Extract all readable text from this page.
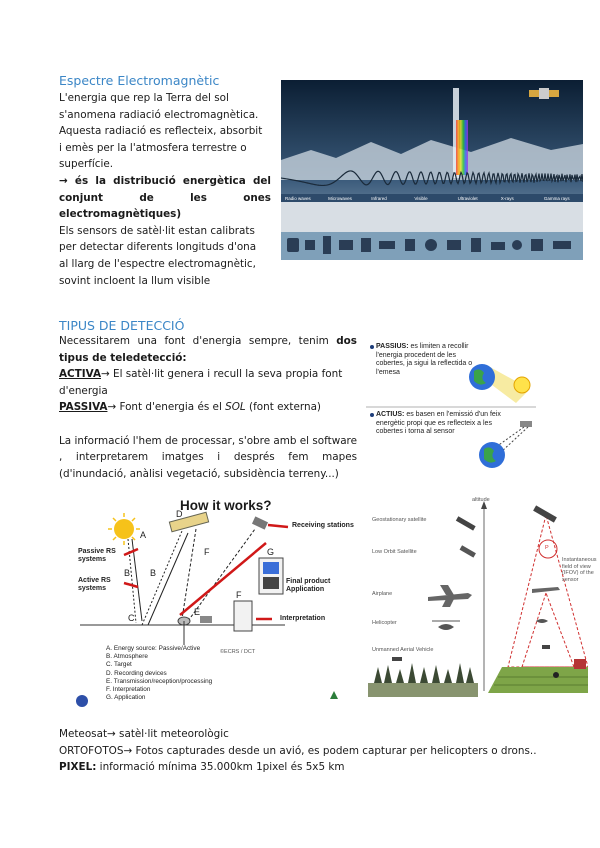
Espectre Electromagnètic
L'energia que rep la Terra del sol
s'anomena radiació electromagnètica.
Aquesta radiació es reflecteix, absorbit
i emès per la l'atmosfera terrestre o
superfície.
→ és la distribució energètica del conjunt de les ones electromagnètiques)
Els sensors de satèl·lit estan calibrats
per detectar diferents longituds d'ona
al llarg de l'espectre electromagnètic,
sovint incloent la llum visible
Radio waves	Microwaves	Infrared	Visible	Ultraviolet	X-rays	Gamma rays
TIPUS DE DETECCIÓ
Necessitarem una font d'energia sempre, tenim dos tipus de teledetecció:
ACTIVA→ El satèl·lit genera i recull la seva propia font d'energia
PASSIVA→ Font d'energia és el SOL (font externa)
La informació l'hem de processar, s'obre amb el software , interpretarem imatges i després fem mapes (d'inundació, anàlisi vegetació, subsidència terreny...)
PASSIUS: es limiten a recollir l'energia procedent de les cobertes, ja sigui la reflectida o l'emesa
ACTIUS: es basen en l'emissió d'un feix energètic propi que es reflecteix a les cobertes i torna al sensor
How it works?
Receiving stations
Passive RS systems
Active RS systems
Final product Application
Interpretation
A
B B
C
D
E
F
F
G
A. Energy source: Passive/Active
B. Atmosphere
C. Target
D. Recording devices
E. Transmission/reception/processing
F. Interpretation
G. Application
©ECRS / DCT
Geostationary satellite
Low Orbit Satellite
Airplane
Helicopter
Unmanned Aerial Vehicle
altitude
Instantaneous field of view (IFOV) of the sensor
P
Meteosat→ satèl·lit meteorològic
ORTOFOTOS→ Fotos capturades desde un avió, es podem capturar per helicopters o drons..
PIXEL: informació mínima 35.000km 1pixel és 5x5 km
